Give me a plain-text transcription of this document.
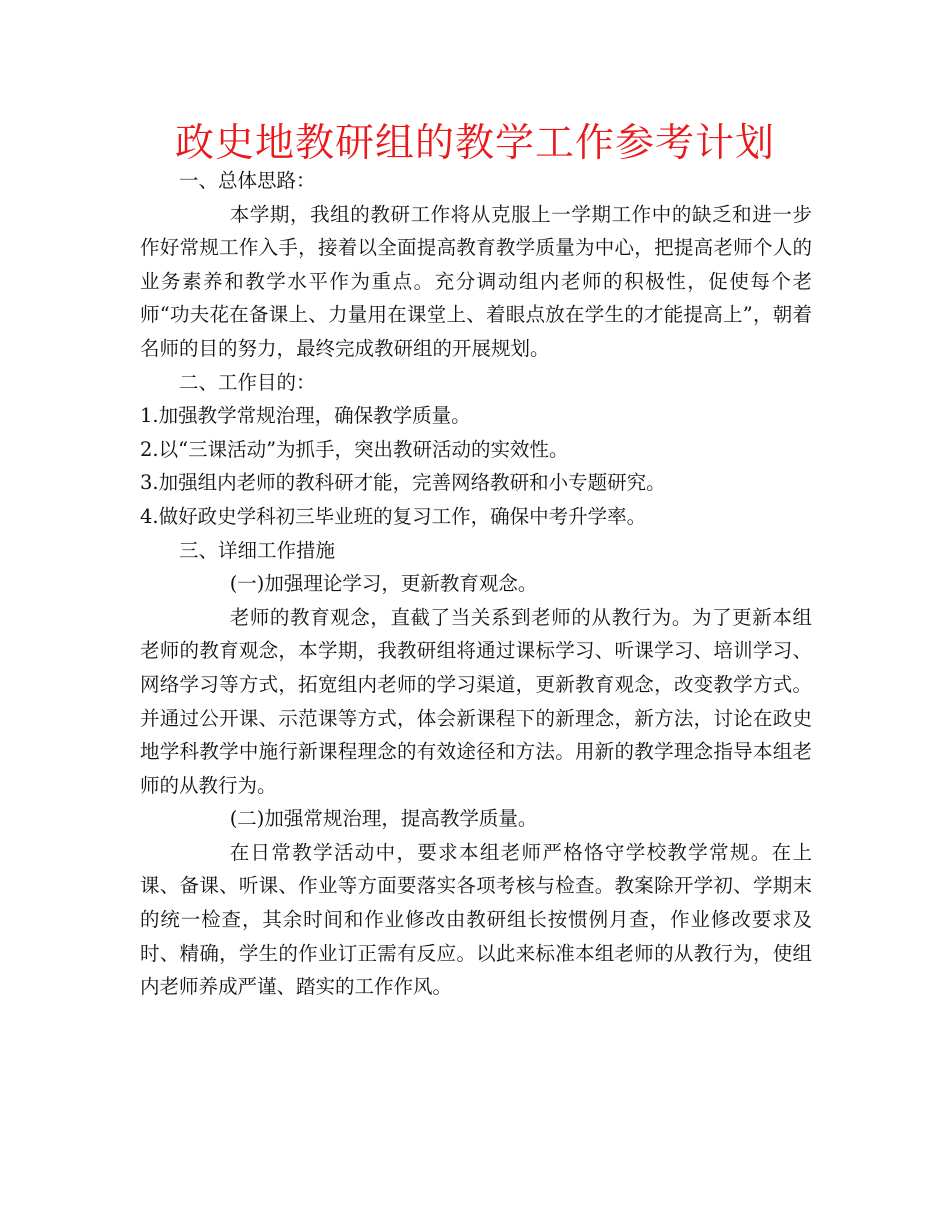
政史地教研组的教学工作参考计划

一、总体思路：

本学期，我组的教研工作将从克服上一学期工作中的缺乏和进一步作好常规工作入手，接着以全面提高教育教学质量为中心，把提高老师个人的业务素养和教学水平作为重点。充分调动组内老师的积极性，促使每个老师“功夫花在备课上、力量用在课堂上、着眼点放在学生的才能提高上”，朝着名师的目的努力，最终完成教研组的开展规划。

二、工作目的：

1.加强教学常规治理，确保教学质量。

2.以“三课活动”为抓手，突出教研活动的实效性。

3.加强组内老师的教科研才能，完善网络教研和小专题研究。

4.做好政史学科初三毕业班的复习工作，确保中考升学率。

三、详细工作措施

(一)加强理论学习，更新教育观念。

老师的教育观念，直截了当关系到老师的从教行为。为了更新本组老师的教育观念，本学期，我教研组将通过课标学习、听课学习、培训学习、网络学习等方式，拓宽组内老师的学习渠道，更新教育观念，改变教学方式。并通过公开课、示范课等方式，体会新课程下的新理念，新方法，讨论在政史地学科教学中施行新课程理念的有效途径和方法。用新的教学理念指导本组老师的从教行为。

(二)加强常规治理，提高教学质量。

在日常教学活动中，要求本组老师严格恪守学校教学常规。在上课、备课、听课、作业等方面要落实各项考核与检查。教案除开学初、学期末的统一检查，其余时间和作业修改由教研组长按惯例月查，作业修改要求及时、精确，学生的作业订正需有反应。以此来标准本组老师的从教行为，使组内老师养成严谨、踏实的工作作风。
